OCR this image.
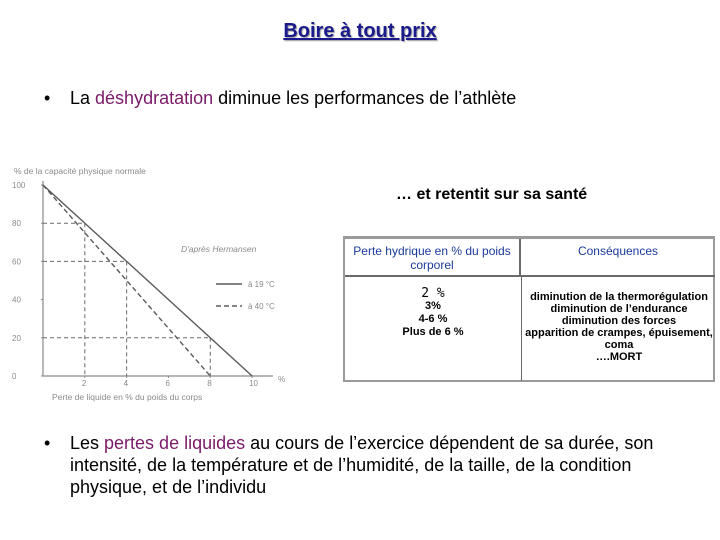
Boire à tout prix
• La déshydratation diminue les performances de l’athlète
% de la capacité physique normale
100
80
60
40
20
0
2	4	6	8	10
D'après Hermansen
à 19 °C
à 40 °C
%
Perte de liquide en % du poids du corps
… et retentit sur sa santé
Perte hydrique en % du poids corporel
Conséquences
2 %
3%
4-6 %
Plus de 6 %
diminution de la thermorégulation
diminution de l’endurance
diminution des forces
apparition de crampes, épuisement,
coma
….MORT
• Les pertes de liquides au cours de l’exercice dépendent de sa durée, son intensité, de la température et de l’humidité, de la taille, de la condition physique, et de l’individu
